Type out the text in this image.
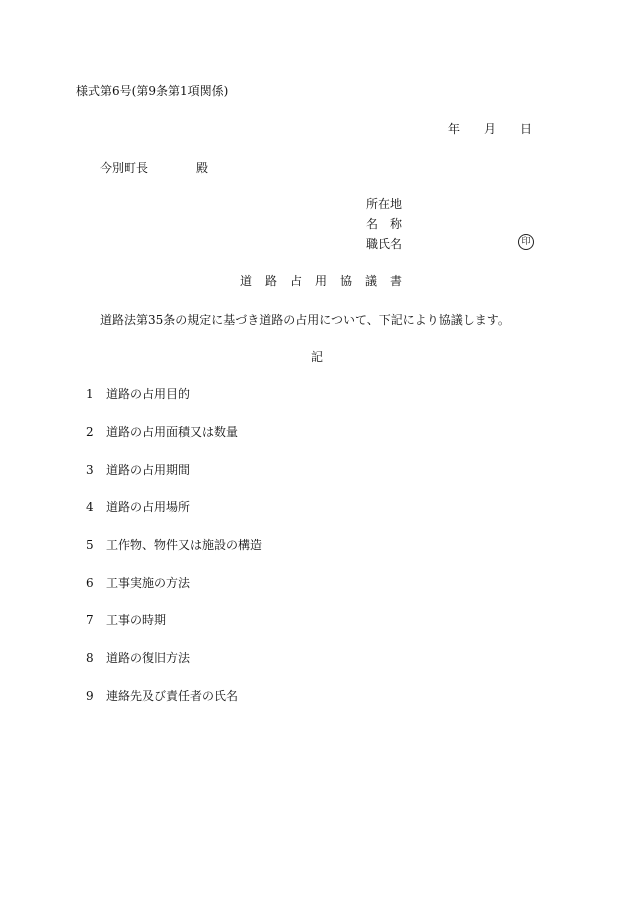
様式第6号(第9条第1項関係)
年 月 日
今別町長	殿
所在地
名　称
職氏名	印
道路占用協議書
道路法第35条の規定に基づき道路の占用について、下記により協議します。
記
1 道路の占用目的
2 道路の占用面積又は数量
3 道路の占用期間
4 道路の占用場所
5 工作物、物件又は施設の構造
6 工事実施の方法
7 工事の時期
8 道路の復旧方法
9 連絡先及び責任者の氏名
